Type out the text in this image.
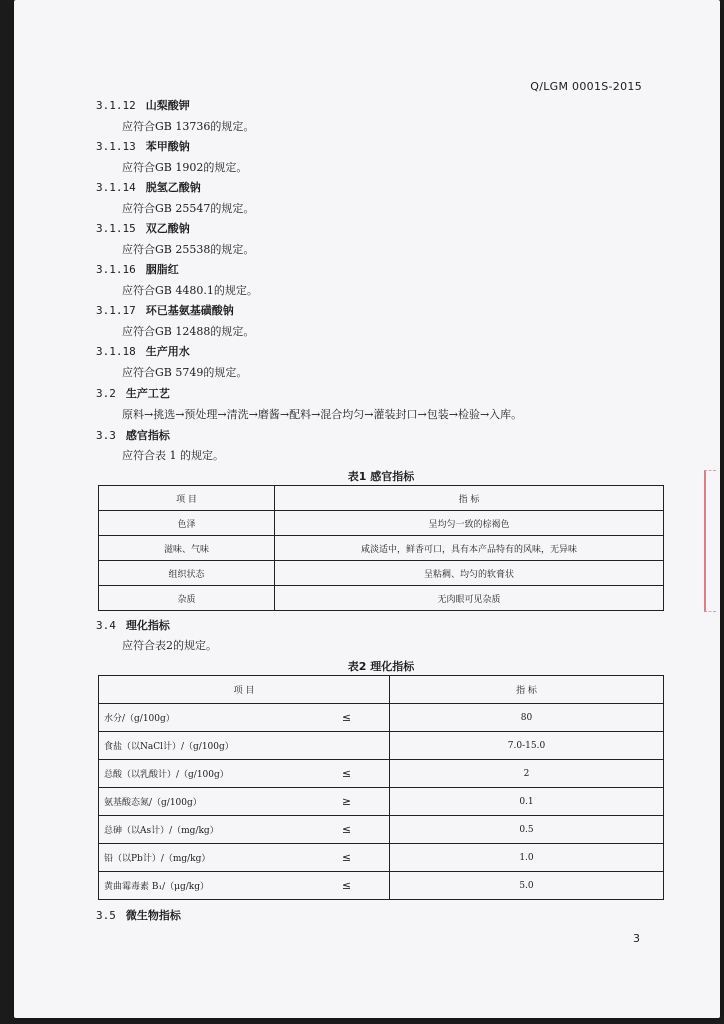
Q/LGM 0001S-2015
3.1.12 山梨酸钾
应符合GB 13736的规定。
3.1.13 苯甲酸钠
应符合GB 1902的规定。
3.1.14 脱氢乙酸钠
应符合GB 25547的规定。
3.1.15 双乙酸钠
应符合GB 25538的规定。
3.1.16 胭脂红
应符合GB 4480.1的规定。
3.1.17 环已基氨基磺酸钠
应符合GB 12488的规定。
3.1.18 生产用水
应符合GB 5749的规定。
3.2 生产工艺
原料→挑选→预处理→清洗→磨酱→配料→混合均匀→灌装封口→包装→检验→入库。
3.3 感官指标
应符合表 1 的规定。
表1 感官指标
项 目	指 标
色泽	呈均匀一致的棕褐色
滋味、气味	咸淡适中，鲜香可口，具有本产品特有的风味，无异味
组织状态	呈粘稠、均匀的软膏状
杂质	无肉眼可见杂质
3.4 理化指标
应符合表2的规定。
表2 理化指标
项 目		指 标
水分/（g/100g）	≤	80
食盐（以NaCl计）/（g/100g）		7.0-15.0
总酸（以乳酸计）/（g/100g）	≤	2
氨基酸态氮/（g/100g）	≥	0.1
总砷（以As计）/（mg/kg）	≤	0.5
铅（以Pb计）/（mg/kg）	≤	1.0
黄曲霉毒素 B₁/（μg/kg）	≤	5.0
3.5 微生物指标
3
